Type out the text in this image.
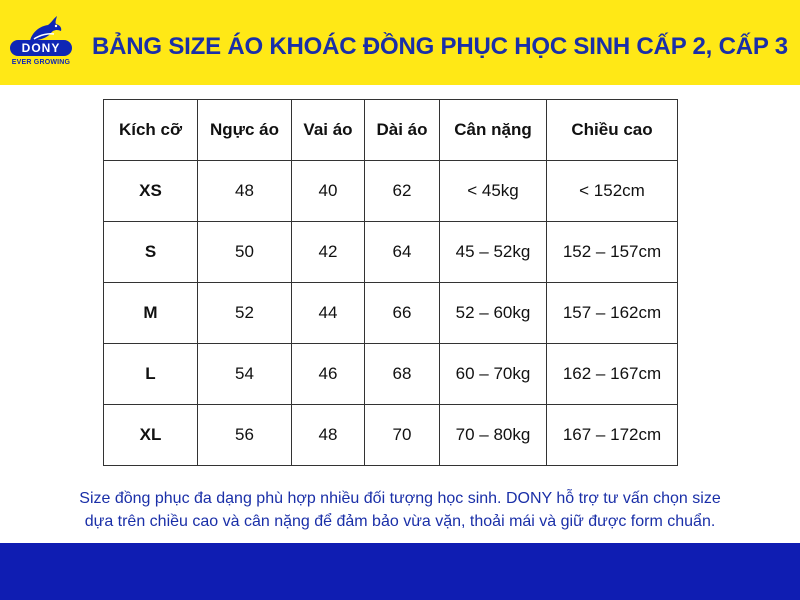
DONY
EVER GROWING
BẢNG SIZE ÁO KHOÁC ĐỒNG PHỤC HỌC SINH CẤP 2, CẤP 3
Kích cỡ	Ngực áo	Vai áo	Dài áo	Cân nặng	Chiều cao
XS	48	40	62	< 45kg	< 152cm
S	50	42	64	45 – 52kg	152 – 157cm
M	52	44	66	52 – 60kg	157 – 162cm
L	54	46	68	60 – 70kg	162 – 167cm
XL	56	48	70	70 – 80kg	167 – 172cm
Size đồng phục đa dạng phù hợp nhiều đối tượng học sinh. DONY hỗ trợ tư vấn chọn size
dựa trên chiều cao và cân nặng để đảm bảo vừa vặn, thoải mái và giữ được form chuẩn.
